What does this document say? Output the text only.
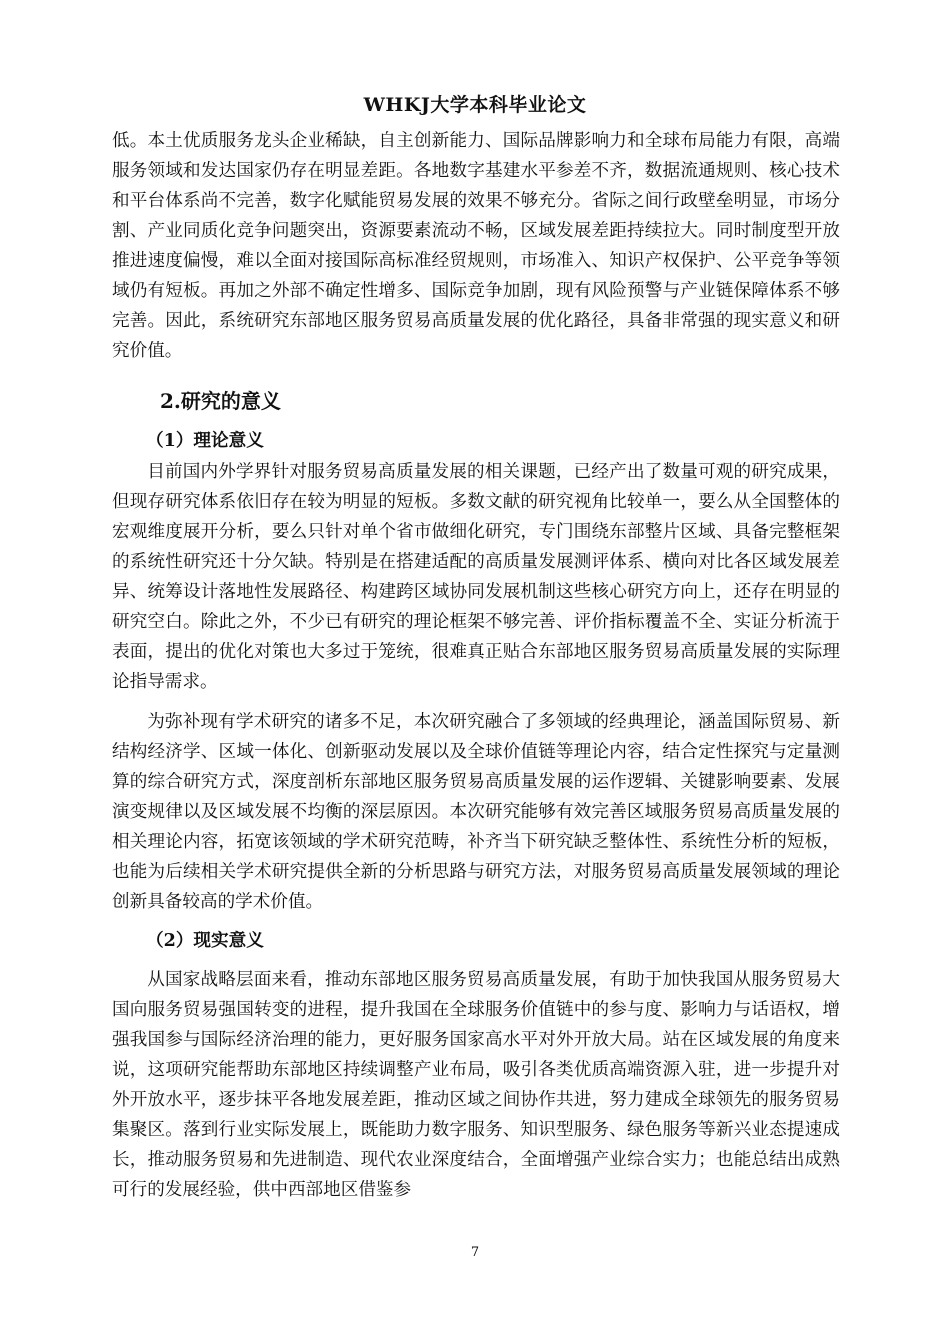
WHKJ大学本科毕业论文

低。本土优质服务龙头企业稀缺，自主创新能力、国际品牌影响力和全球布局能力有限，高端服务领域和发达国家仍存在明显差距。各地数字基建水平参差不齐，数据流通规则、核心技术和平台体系尚不完善，数字化赋能贸易发展的效果不够充分。省际之间行政壁垒明显，市场分割、产业同质化竞争问题突出，资源要素流动不畅，区域发展差距持续拉大。同时制度型开放推进速度偏慢，难以全面对接国际高标准经贸规则，市场准入、知识产权保护、公平竞争等领域仍有短板。再加之外部不确定性增多、国际竞争加剧，现有风险预警与产业链保障体系不够完善。因此，系统研究东部地区服务贸易高质量发展的优化路径，具备非常强的现实意义和研究价值。

2.研究的意义
（1）理论意义

目前国内外学界针对服务贸易高质量发展的相关课题，已经产出了数量可观的研究成果，但现存研究体系依旧存在较为明显的短板。多数文献的研究视角比较单一，要么从全国整体的宏观维度展开分析，要么只针对单个省市做细化研究，专门围绕东部整片区域、具备完整框架的系统性研究还十分欠缺。特别是在搭建适配的高质量发展测评体系、横向对比各区域发展差异、统筹设计落地性发展路径、构建跨区域协同发展机制这些核心研究方向上，还存在明显的研究空白。除此之外，不少已有研究的理论框架不够完善、评价指标覆盖不全、实证分析流于表面，提出的优化对策也大多过于笼统，很难真正贴合东部地区服务贸易高质量发展的实际理论指导需求。

为弥补现有学术研究的诸多不足，本次研究融合了多领域的经典理论，涵盖国际贸易、新结构经济学、区域一体化、创新驱动发展以及全球价值链等理论内容，结合定性探究与定量测算的综合研究方式，深度剖析东部地区服务贸易高质量发展的运作逻辑、关键影响要素、发展演变规律以及区域发展不均衡的深层原因。本次研究能够有效完善区域服务贸易高质量发展的相关理论内容，拓宽该领域的学术研究范畴，补齐当下研究缺乏整体性、系统性分析的短板，也能为后续相关学术研究提供全新的分析思路与研究方法，对服务贸易高质量发展领域的理论创新具备较高的学术价值。

（2）现实意义

从国家战略层面来看，推动东部地区服务贸易高质量发展，有助于加快我国从服务贸易大国向服务贸易强国转变的进程，提升我国在全球服务价值链中的参与度、影响力与话语权，增强我国参与国际经济治理的能力，更好服务国家高水平对外开放大局。站在区域发展的角度来说，这项研究能帮助东部地区持续调整产业布局，吸引各类优质高端资源入驻，进一步提升对外开放水平，逐步抹平各地发展差距，推动区域之间协作共进，努力建成全球领先的服务贸易集聚区。落到行业实际发展上，既能助力数字服务、知识型服务、绿色服务等新兴业态提速成长，推动服务贸易和先进制造、现代农业深度结合，全面增强产业综合实力；也能总结出成熟可行的发展经验，供中西部地区借鉴参

7
